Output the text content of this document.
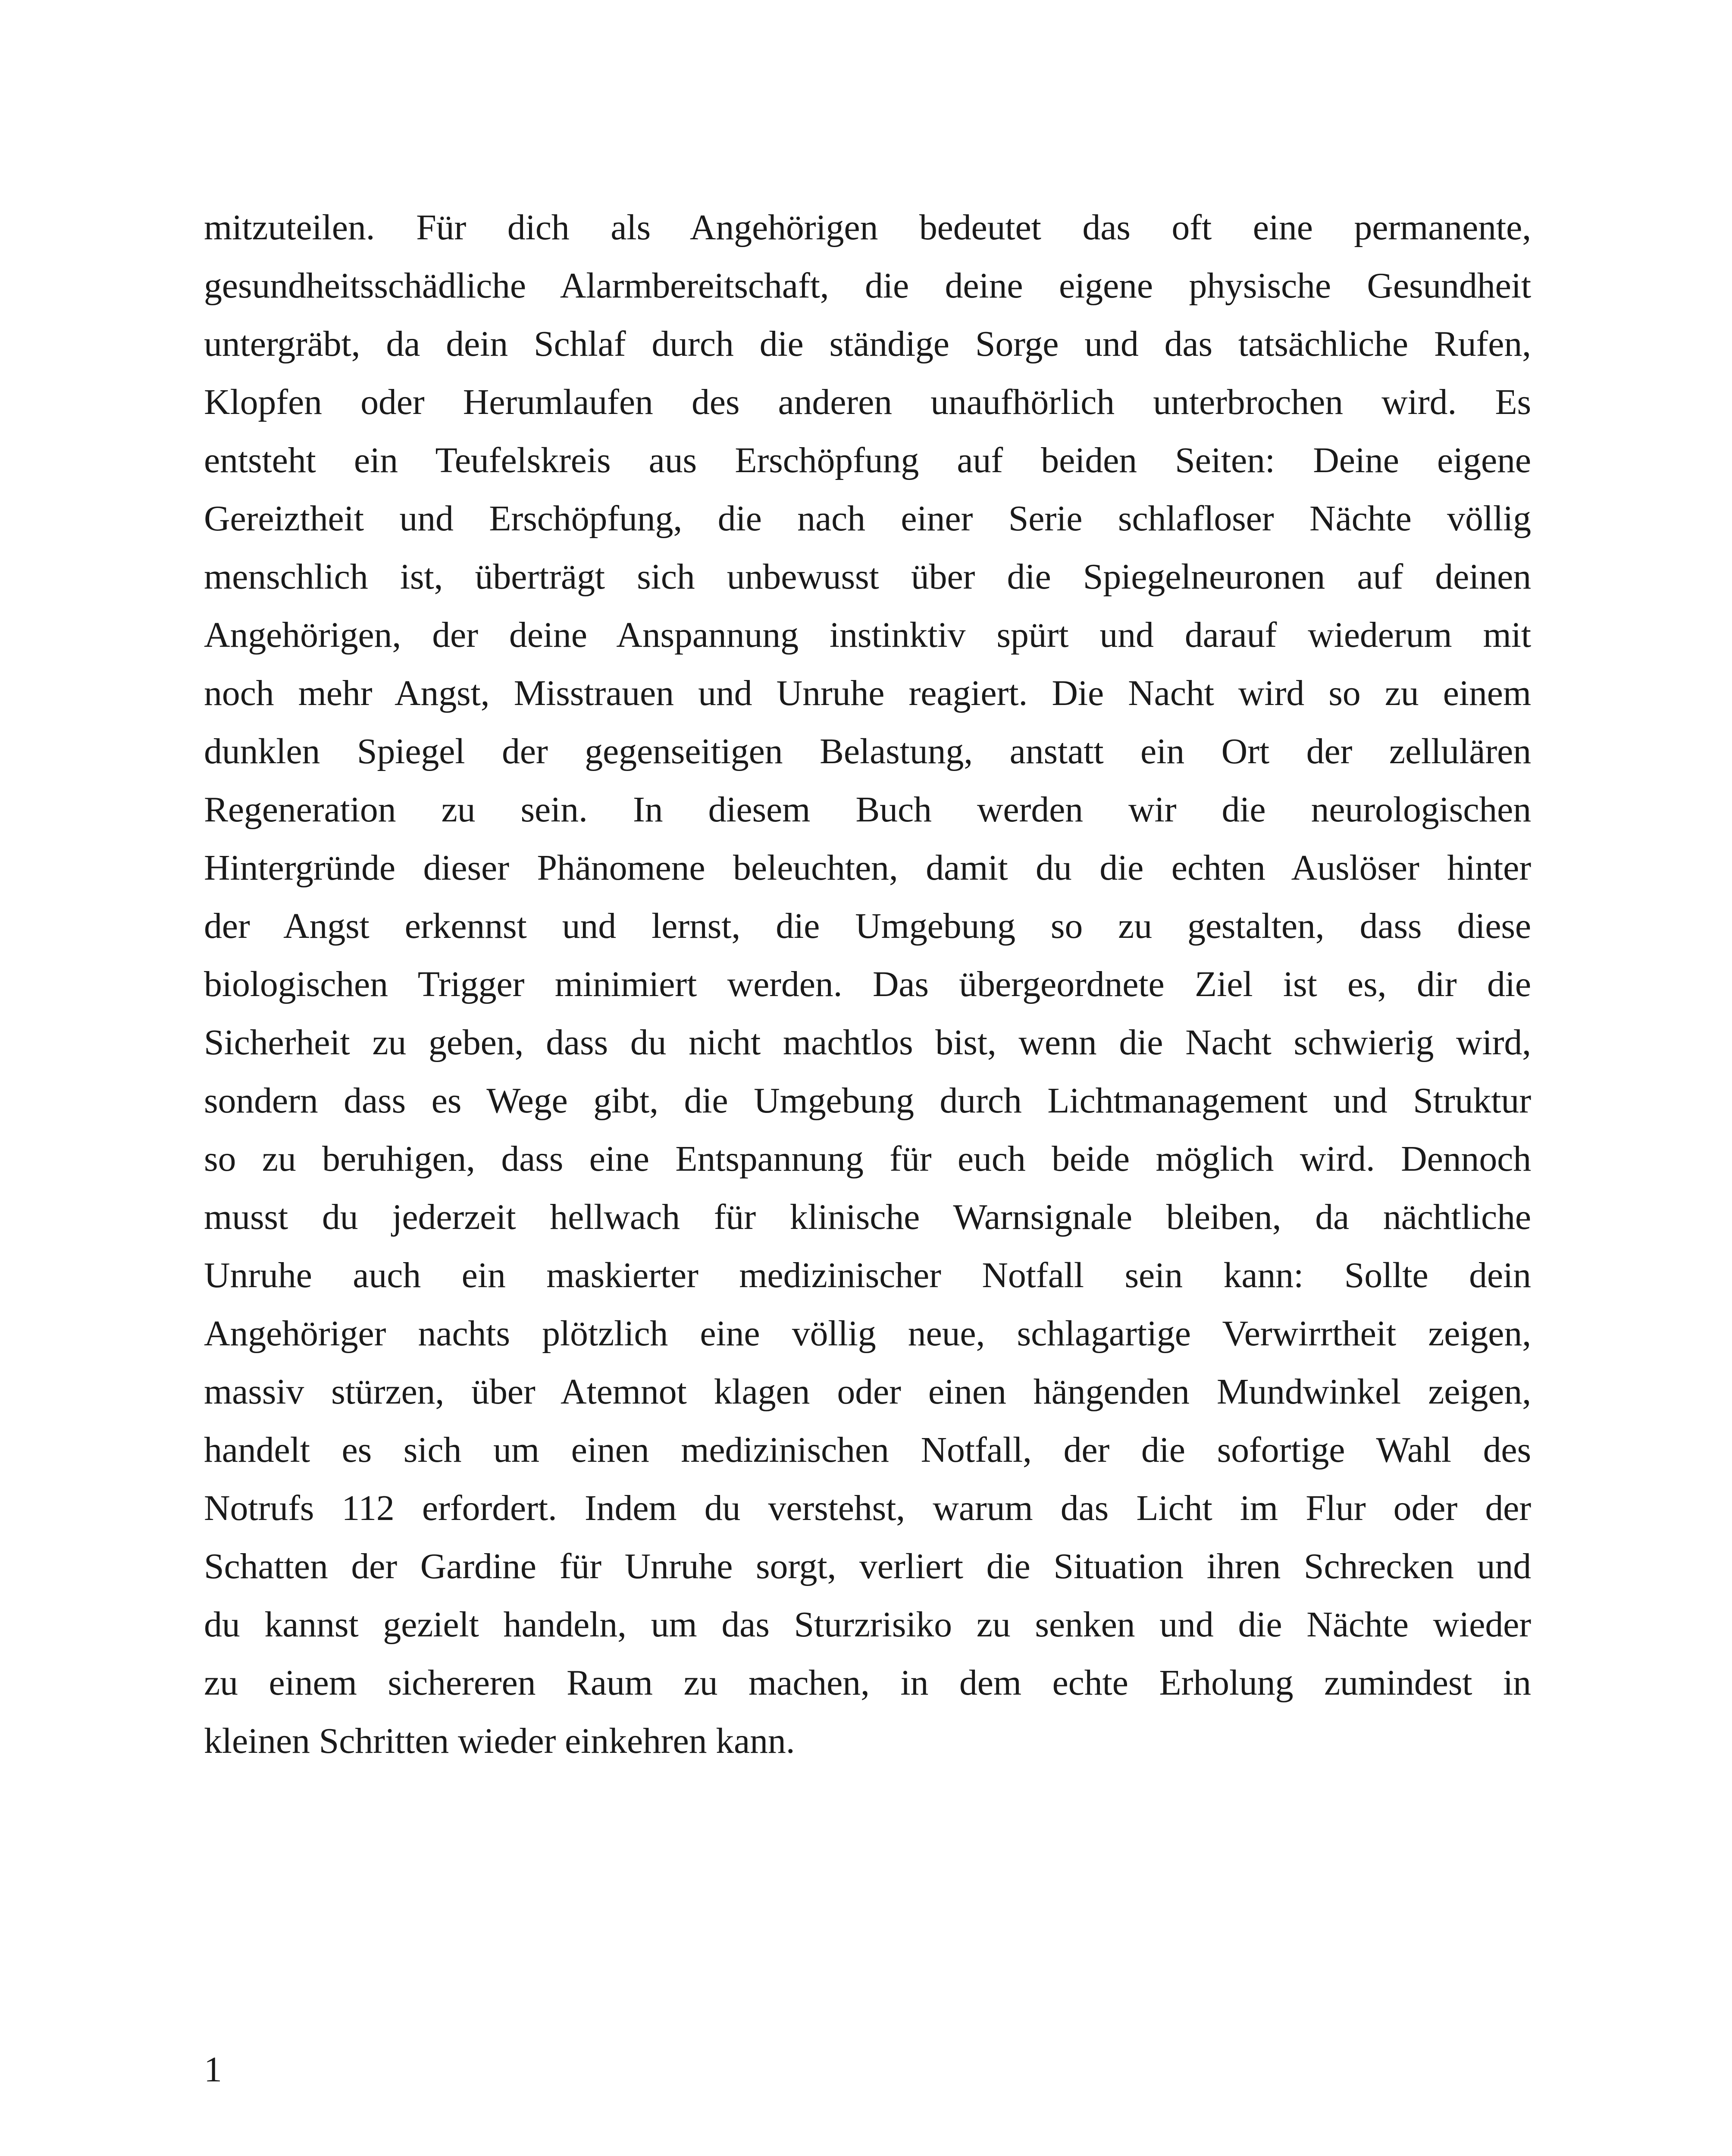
mitzuteilen. Für dich als Angehörigen bedeutet das oft eine permanente,
gesundheitsschädliche Alarmbereitschaft, die deine eigene physische Gesundheit
untergräbt, da dein Schlaf durch die ständige Sorge und das tatsächliche Rufen,
Klopfen oder Herumlaufen des anderen unaufhörlich unterbrochen wird. Es
entsteht ein Teufelskreis aus Erschöpfung auf beiden Seiten: Deine eigene
Gereiztheit und Erschöpfung, die nach einer Serie schlafloser Nächte völlig
menschlich ist, überträgt sich unbewusst über die Spiegelneuronen auf deinen
Angehörigen, der deine Anspannung instinktiv spürt und darauf wiederum mit
noch mehr Angst, Misstrauen und Unruhe reagiert. Die Nacht wird so zu einem
dunklen Spiegel der gegenseitigen Belastung, anstatt ein Ort der zellulären
Regeneration zu sein. In diesem Buch werden wir die neurologischen
Hintergründe dieser Phänomene beleuchten, damit du die echten Auslöser hinter
der Angst erkennst und lernst, die Umgebung so zu gestalten, dass diese
biologischen Trigger minimiert werden. Das übergeordnete Ziel ist es, dir die
Sicherheit zu geben, dass du nicht machtlos bist, wenn die Nacht schwierig wird,
sondern dass es Wege gibt, die Umgebung durch Lichtmanagement und Struktur
so zu beruhigen, dass eine Entspannung für euch beide möglich wird. Dennoch
musst du jederzeit hellwach für klinische Warnsignale bleiben, da nächtliche
Unruhe auch ein maskierter medizinischer Notfall sein kann: Sollte dein
Angehöriger nachts plötzlich eine völlig neue, schlagartige Verwirrtheit zeigen,
massiv stürzen, über Atemnot klagen oder einen hängenden Mundwinkel zeigen,
handelt es sich um einen medizinischen Notfall, der die sofortige Wahl des
Notrufs 112 erfordert. Indem du verstehst, warum das Licht im Flur oder der
Schatten der Gardine für Unruhe sorgt, verliert die Situation ihren Schrecken und
du kannst gezielt handeln, um das Sturzrisiko zu senken und die Nächte wieder
zu einem sichereren Raum zu machen, in dem echte Erholung zumindest in
kleinen Schritten wieder einkehren kann.

1
